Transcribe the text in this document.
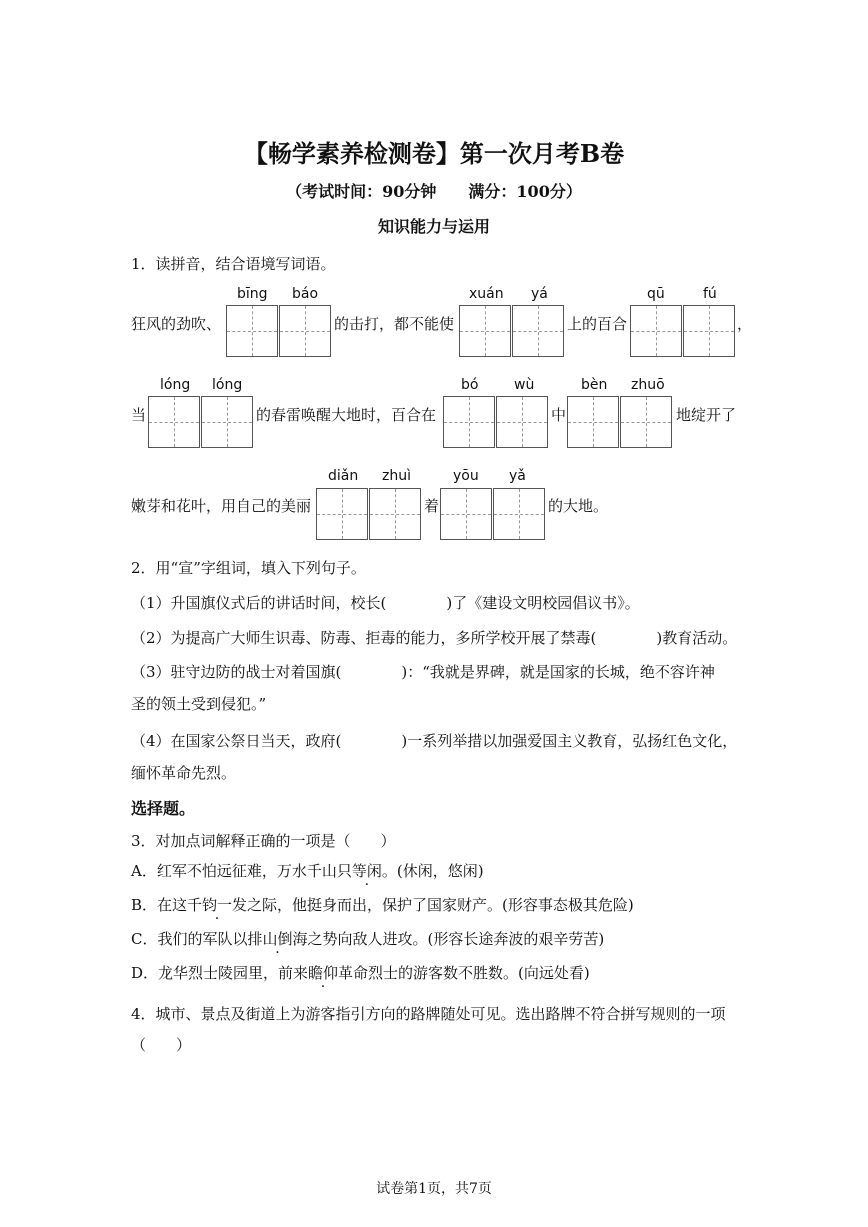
【畅学素养检测卷】第一次月考B卷
（考试时间：90分钟　　满分：100分）
知识能力与运用
1．读拼音，结合语境写词语。
bīng báo	xuán yá	qū	fú
狂风的劲吹、	的击打，都不能使	上的百合	，
lóng lóng	bó	wù	bèn zhuō
当	的春雷唤醒大地时，百合在	中	地绽开了
diǎn zhuì	yōu yǎ
嫩芽和花叶，用自己的美丽	着	的大地。
2．用“宣”字组词，填入下列句子。
（1）升国旗仪式后的讲话时间，校长(　　　　)了《建设文明校园倡议书》。
（2）为提高广大师生识毒、防毒、拒毒的能力，多所学校开展了禁毒(　　　　)教育活动。
（3）驻守边防的战士对着国旗(　　　　)：“我就是界碑，就是国家的长城，绝不容许神
圣的领土受到侵犯。”
（4）在国家公祭日当天，政府(　　　　)一系列举措以加强爱国主义教育，弘扬红色文化，
缅怀革命先烈。
选择题。
3．对加点词解释正确的一项是（　　）
A．红军不怕远征难，万水千山只等闲。(休闲，悠闲)
B．在这千钧一发之际，他挺身而出，保护了国家财产。(形容事态极其危险)
C．我们的军队以排山倒海之势向敌人进攻。(形容长途奔波的艰辛劳苦)
D．龙华烈士陵园里，前来瞻仰革命烈士的游客数不胜数。(向远处看)
4．城市、景点及街道上为游客指引方向的路牌随处可见。选出路牌不符合拼写规则的一项
（　　）
试卷第1页，共7页
